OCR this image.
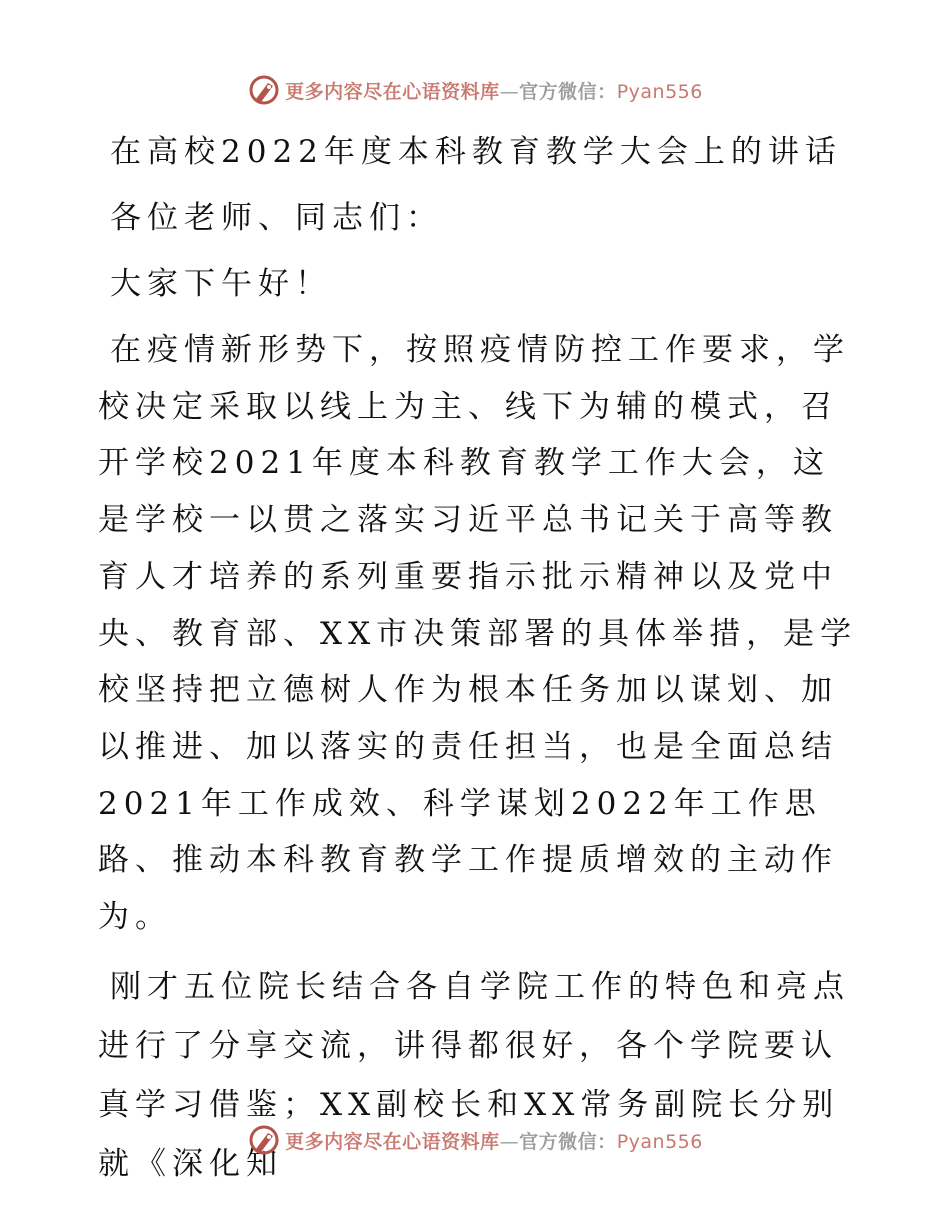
更多内容尽在心语资料库—官方微信：Pyan556

在高校2022年度本科教育教学大会上的讲话

各位老师、同志们：

大家下午好！

在疫情新形势下，按照疫情防控工作要求，学校决定采取以线上为主、线下为辅的模式，召开学校2021年度本科教育教学工作大会，这是学校一以贯之落实习近平总书记关于高等教育人才培养的系列重要指示批示精神以及党中央、教育部、XX市决策部署的具体举措，是学校坚持把立德树人作为根本任务加以谋划、加以推进、加以落实的责任担当，也是全面总结2021年工作成效、科学谋划2022年工作思路、推动本科教育教学工作提质增效的主动作为。

刚才五位院长结合各自学院工作的特色和亮点进行了分享交流，讲得都很好，各个学院要认真学习借鉴；XX副校长和XX常务副院长分别就《深化知

更多内容尽在心语资料库—官方微信：Pyan556
